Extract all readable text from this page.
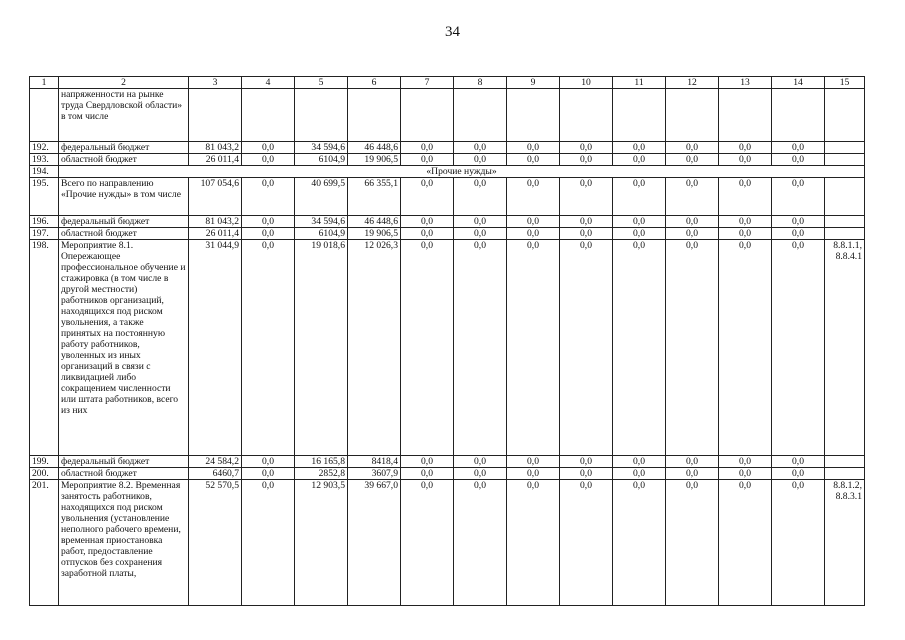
34
1	2	3	4	5	6	7	8	9	10	11	12	13	14	15
	напряженности на рынке труда Свердловской области» в том числе													
192.	федеральный бюджет	81 043,2	0,0	34 594,6	46 448,6	0,0	0,0	0,0	0,0	0,0	0,0	0,0	0,0	
193.	областной бюджет	26 011,4	0,0	6104,9	19 906,5	0,0	0,0	0,0	0,0	0,0	0,0	0,0	0,0	
194.	«Прочие нужды»													
195.	Всего по направлению «Прочие нужды» в том числе	107 054,6	0,0	40 699,5	66 355,1	0,0	0,0	0,0	0,0	0,0	0,0	0,0	0,0	
196.	федеральный бюджет	81 043,2	0,0	34 594,6	46 448,6	0,0	0,0	0,0	0,0	0,0	0,0	0,0	0,0	
197.	областной бюджет	26 011,4	0,0	6104,9	19 906,5	0,0	0,0	0,0	0,0	0,0	0,0	0,0	0,0	
198.	Мероприятие 8.1. Опережающее профессиональное обучение и стажировка (в том числе в другой местности) работников организаций, находящихся под риском увольнения, а также принятых на постоянную работу работников, уволенных из иных организаций в связи с ликвидацией либо сокращением численности или штата работников, всего из них	31 044,9	0,0	19 018,6	12 026,3	0,0	0,0	0,0	0,0	0,0	0,0	0,0	0,0	8.8.1.1, 8.8.4.1
199.	федеральный бюджет	24 584,2	0,0	16 165,8	8418,4	0,0	0,0	0,0	0,0	0,0	0,0	0,0	0,0	
200.	областной бюджет	6460,7	0,0	2852,8	3607,9	0,0	0,0	0,0	0,0	0,0	0,0	0,0	0,0	
201.	Мероприятие 8.2. Временная занятость работников, находящихся под риском увольнения (установление неполного рабочего времени, временная приостановка работ, предоставление отпусков без сохранения заработной платы,	52 570,5	0,0	12 903,5	39 667,0	0,0	0,0	0,0	0,0	0,0	0,0	0,0	0,0	8.8.1.2, 8.8.3.1
